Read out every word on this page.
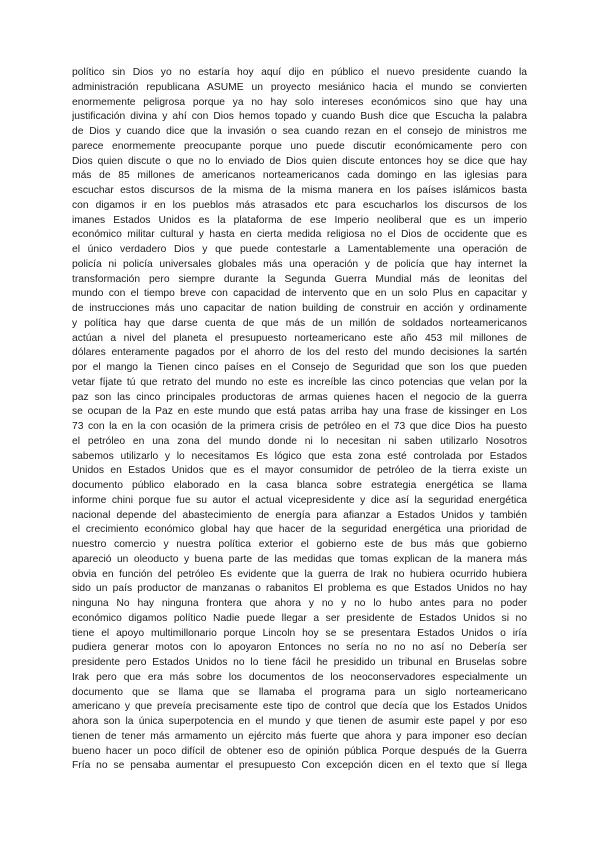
político sin Dios yo no estaría hoy aquí dijo en público el nuevo presidente cuando la
administración republicana ASUME un proyecto mesiánico hacia el mundo se convierten
enormemente peligrosa porque ya no hay solo intereses económicos sino que hay una
justificación divina y ahí con Dios hemos topado y cuando Bush dice que Escucha la palabra
de Dios y cuando dice que la invasión o sea cuando rezan en el consejo de ministros me
parece enormemente preocupante porque uno puede discutir económicamente pero con
Dios quien discute o que no lo enviado de Dios quien discute entonces hoy se dice que hay
más de 85 millones de americanos norteamericanos cada domingo en las iglesias para
escuchar estos discursos de la misma de la misma manera en los países islámicos basta
con digamos ir en los pueblos más atrasados etc para escucharlos los discursos de los
imanes Estados Unidos es la plataforma de ese Imperio neoliberal que es un imperio
económico militar cultural y hasta en cierta medida religiosa no el Dios de occidente que es
el único verdadero Dios y que puede contestarle a Lamentablemente una operación de
policía ni policía universales globales más una operación y de policía que hay internet la
transformación pero siempre durante la Segunda Guerra Mundial más de leonitas del
mundo con el tiempo breve con capacidad de intervento que en un solo Plus en capacitar y
de instrucciones más uno capacitar de nation building de construir en acción y ordinamente
y política hay que darse cuenta de que más de un millón de soldados norteamericanos
actúan a nivel del planeta el presupuesto norteamericano este año 453 mil millones de
dólares enteramente pagados por el ahorro de los del resto del mundo decisiones la sartén
por el mango la Tienen cinco países en el Consejo de Seguridad que son los que pueden
vetar fíjate tú que retrato del mundo no este es increíble las cinco potencias que velan por la
paz son las cinco principales productoras de armas quienes hacen el negocio de la guerra
se ocupan de la Paz en este mundo que está patas arriba hay una frase de kissinger en Los
73 con la en la con ocasión de la primera crisis de petróleo en el 73 que dice Dios ha puesto
el petróleo en una zona del mundo donde ni lo necesitan ni saben utilizarlo Nosotros
sabemos utilizarlo y lo necesitamos Es lógico que esta zona esté controlada por Estados
Unidos en Estados Unidos que es el mayor consumidor de petróleo de la tierra existe un
documento público elaborado en la casa blanca sobre estrategia energética se llama
informe chini porque fue su autor el actual vicepresidente y dice así la seguridad energética
nacional depende del abastecimiento de energía para afianzar a Estados Unidos y también
el crecimiento económico global hay que hacer de la seguridad energética una prioridad de
nuestro comercio y nuestra política exterior el gobierno este de bus más que gobierno
apareció un oleoducto y buena parte de las medidas que tomas explican de la manera más
obvia en función del petróleo Es evidente que la guerra de Irak no hubiera ocurrido hubiera
sido un país productor de manzanas o rabanitos El problema es que Estados Unidos no hay
ninguna No hay ninguna frontera que ahora y no y no lo hubo antes para no poder
económico digamos político Nadie puede llegar a ser presidente de Estados Unidos si no
tiene el apoyo multimillonario porque Lincoln hoy se se presentara Estados Unidos o iría
pudiera generar motos con lo apoyaron Entonces no sería no no no así no Debería ser
presidente pero Estados Unidos no lo tiene fácil he presidido un tribunal en Bruselas sobre
Irak pero que era más sobre los documentos de los neoconservadores especialmente un
documento que se llama que se llamaba el programa para un siglo norteamericano
americano y que preveía precisamente este tipo de control que decía que los Estados Unidos
ahora son la única superpotencia en el mundo y que tienen de asumir este papel y por eso
tienen de tener más armamento un ejército más fuerte que ahora y para imponer eso decían
bueno hacer un poco difícil de obtener eso de opinión pública Porque después de la Guerra
Fría no se pensaba aumentar el presupuesto Con excepción dicen en el texto que sí llega
